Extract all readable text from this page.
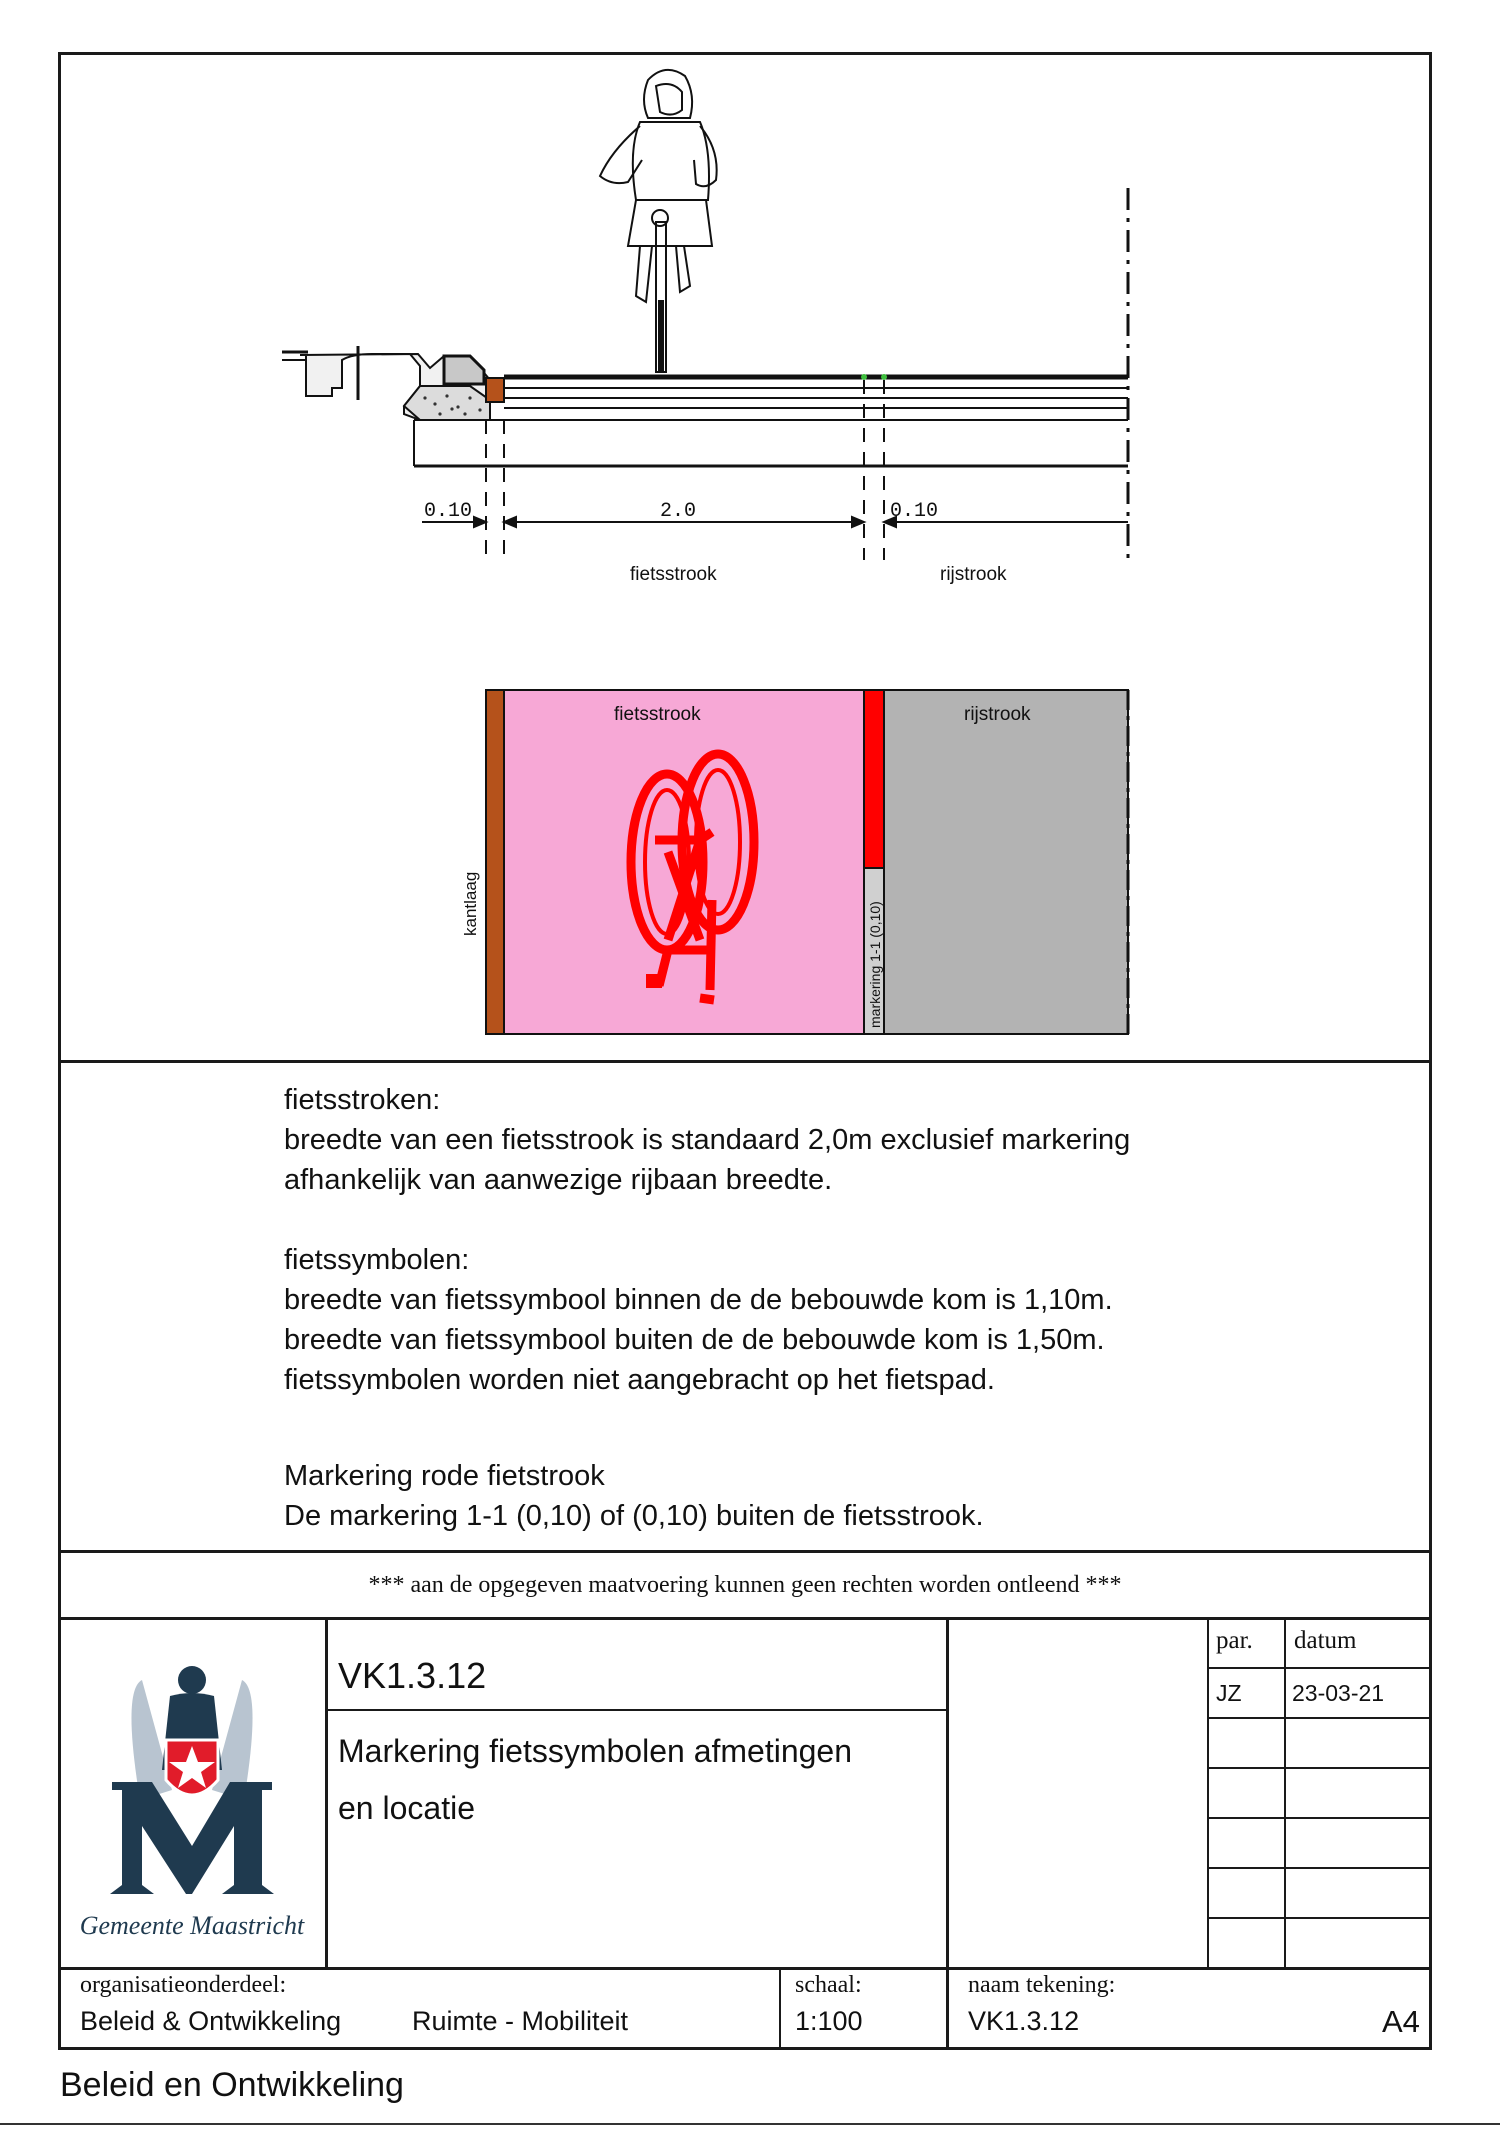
0.10	2.0	0.10
fietsstrook	rijstrook
fietsstrook	rijstrook
kantlaag	markering 1-1 (0,10)

fietsstroken:

breedte van een fietsstrook is standaard 2,0m exclusief markering

afhankelijk van aanwezige rijbaan breedte.

fietssymbolen:

breedte van fietssymbool binnen de de bebouwde kom is 1,10m.

breedte van fietssymbool buiten de de bebouwde kom is 1,50m.

fietssymbolen worden niet aangebracht op het fietspad.

Markering rode fietstrook

De markering 1-1 (0,10) of (0,10) buiten de fietsstrook.

*** aan de opgegeven maatvoering kunnen geen rechten worden ontleend ***
Gemeente Maastricht
VK1.3.12
Markering fietssymbolen afmetingen
en locatie
par. datum
JZ 23-03-21
organisatieonderdeel:
Beleid & Ontwikkeling	Ruimte - Mobiliteit
schaal:
1:100
naam tekening:
VK1.3.12	A4
Beleid en Ontwikkeling
